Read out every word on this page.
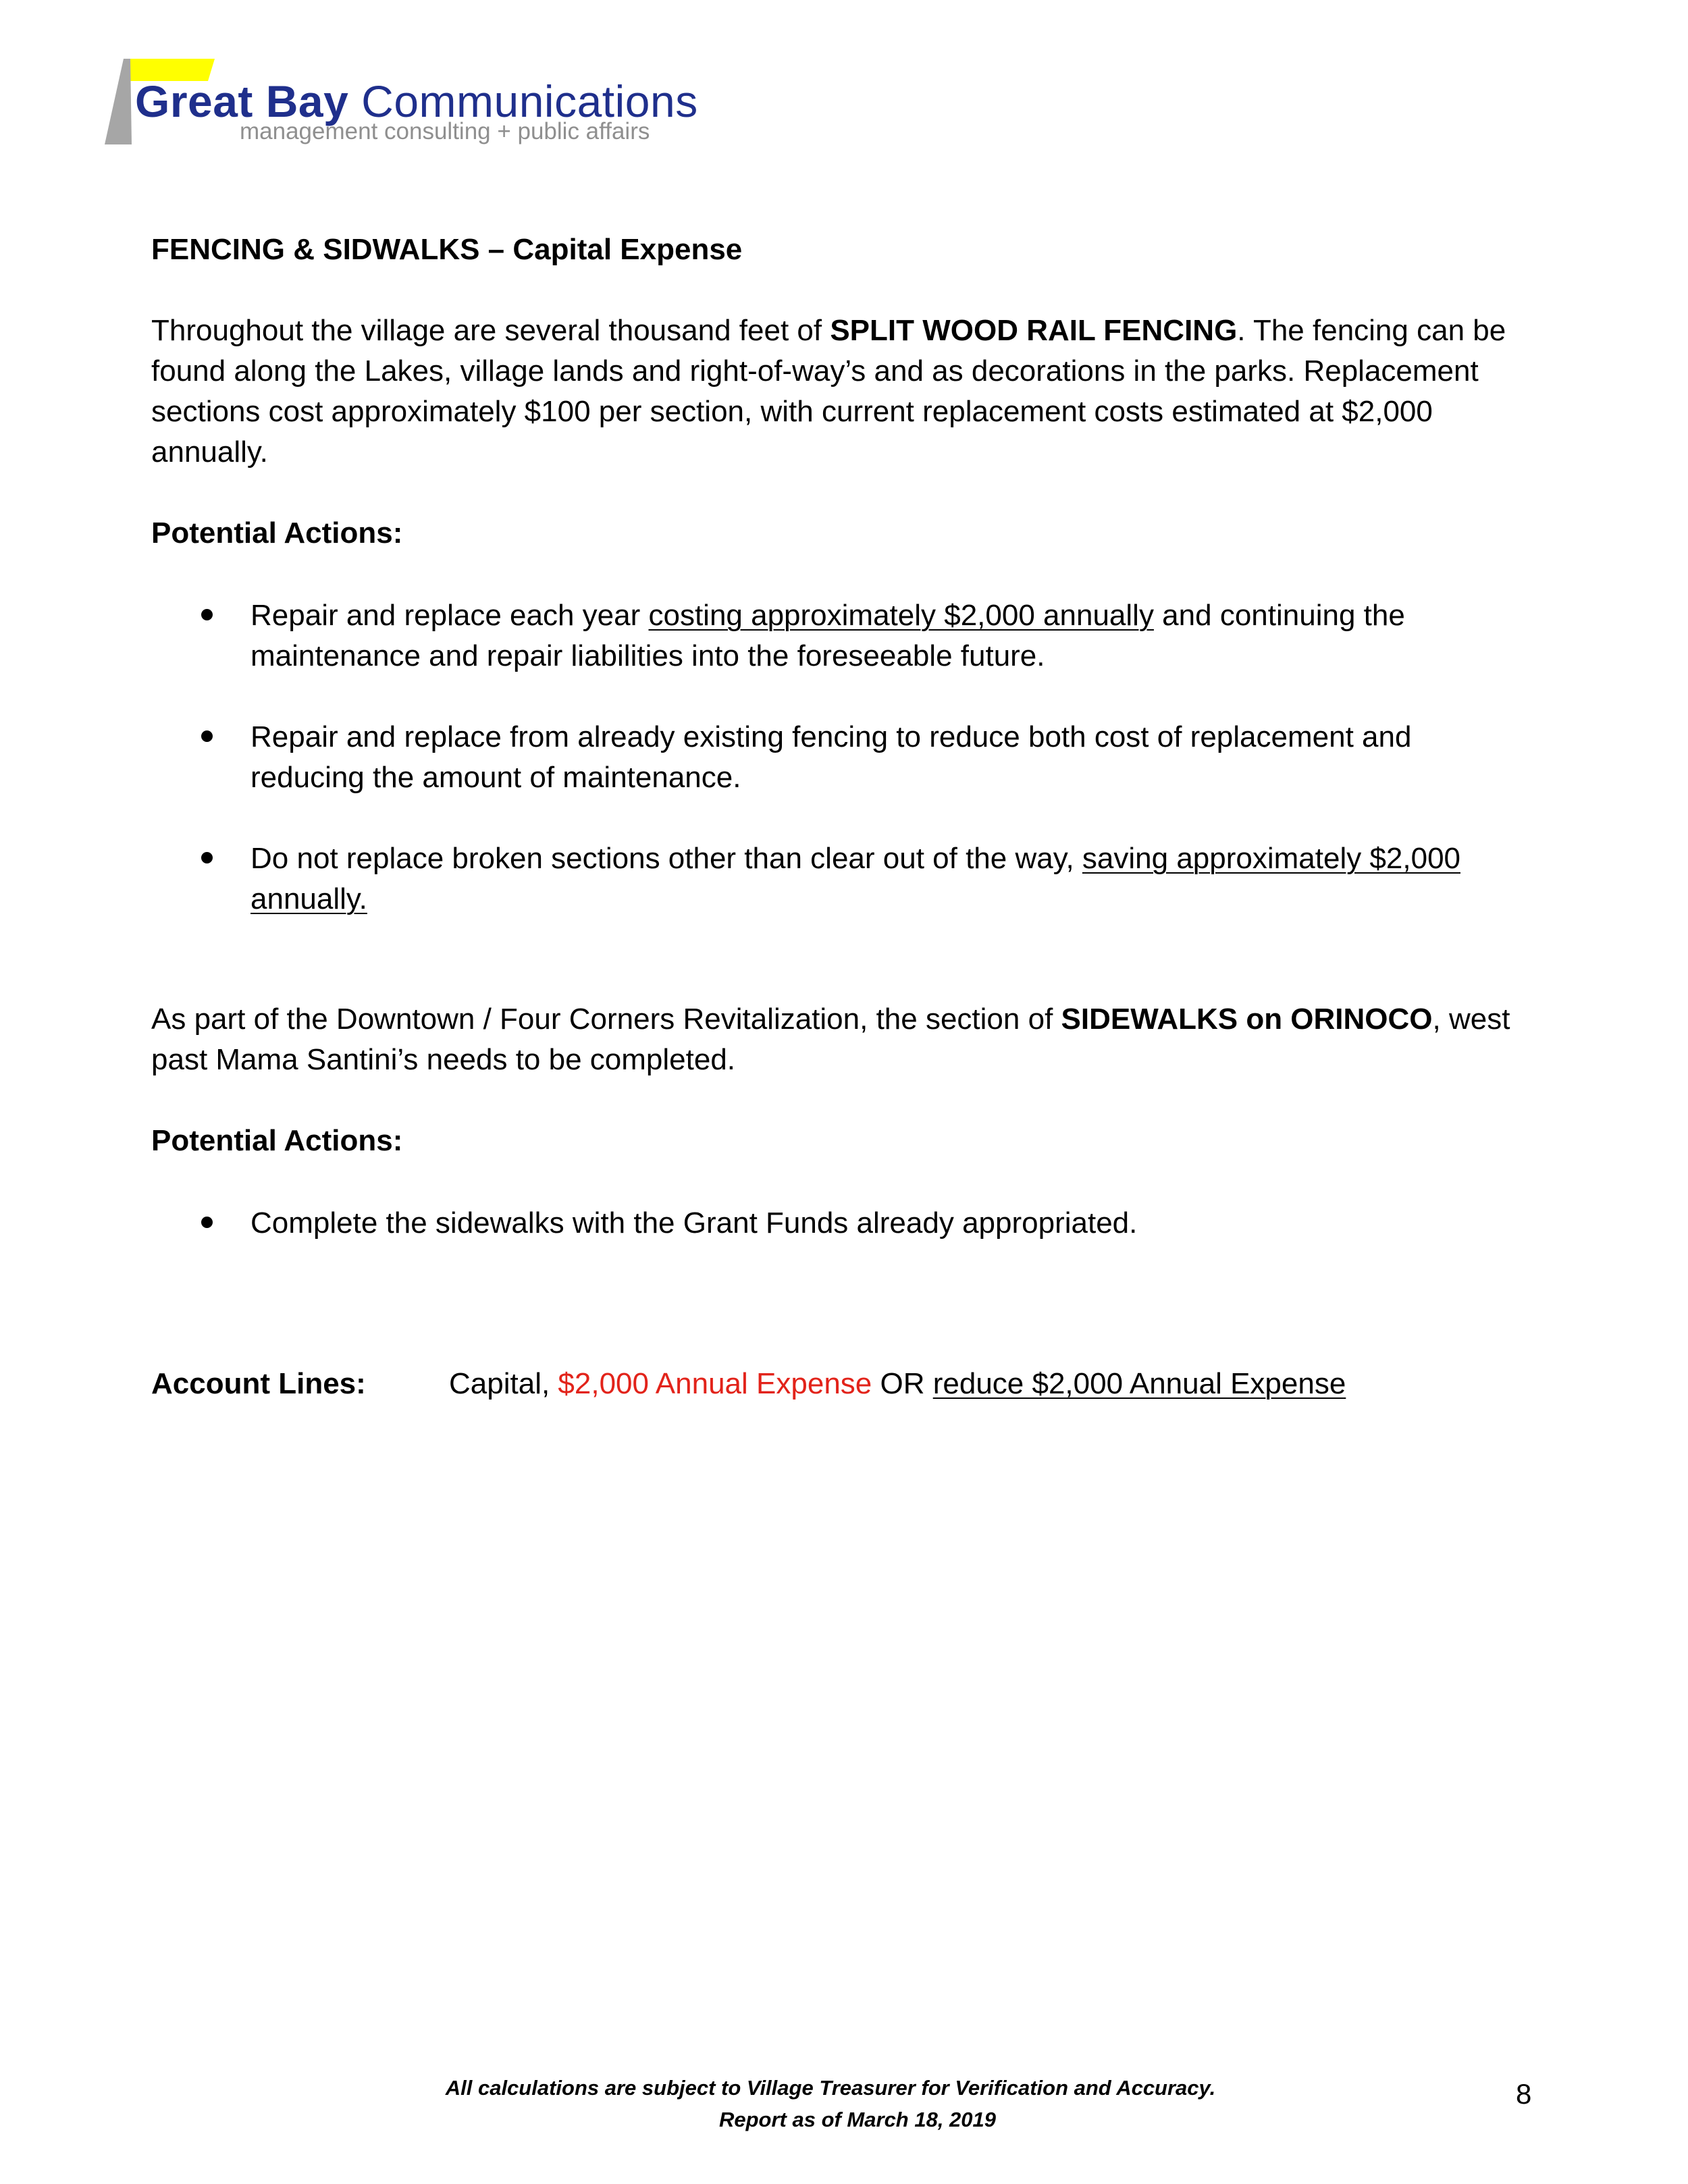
Great Bay Communications
management consulting + public affairs

FENCING & SIDWALKS – Capital Expense

Throughout the village are several thousand feet of SPLIT WOOD RAIL FENCING. The fencing can be found along the Lakes, village lands and right-of-way’s and as decorations in the parks. Replacement sections cost approximately $100 per section, with current replacement costs estimated at $2,000 annually.

Potential Actions:

Repair and replace each year costing approximately $2,000 annually and continuing the maintenance and repair liabilities into the foreseeable future.
Repair and replace from already existing fencing to reduce both cost of replacement and reducing the amount of maintenance.
Do not replace broken sections other than clear out of the way, saving approximately $2,000 annually.

As part of the Downtown / Four Corners Revitalization, the section of SIDEWALKS on ORINOCO, west past Mama Santini’s needs to be completed.

Potential Actions:

Complete the sidewalks with the Grant Funds already appropriated.
Account Lines:	Capital, $2,000 Annual Expense OR reduce $2,000 Annual Expense
All calculations are subject to Village Treasurer for Verification and Accuracy.
Report as of March 18, 2019
8
